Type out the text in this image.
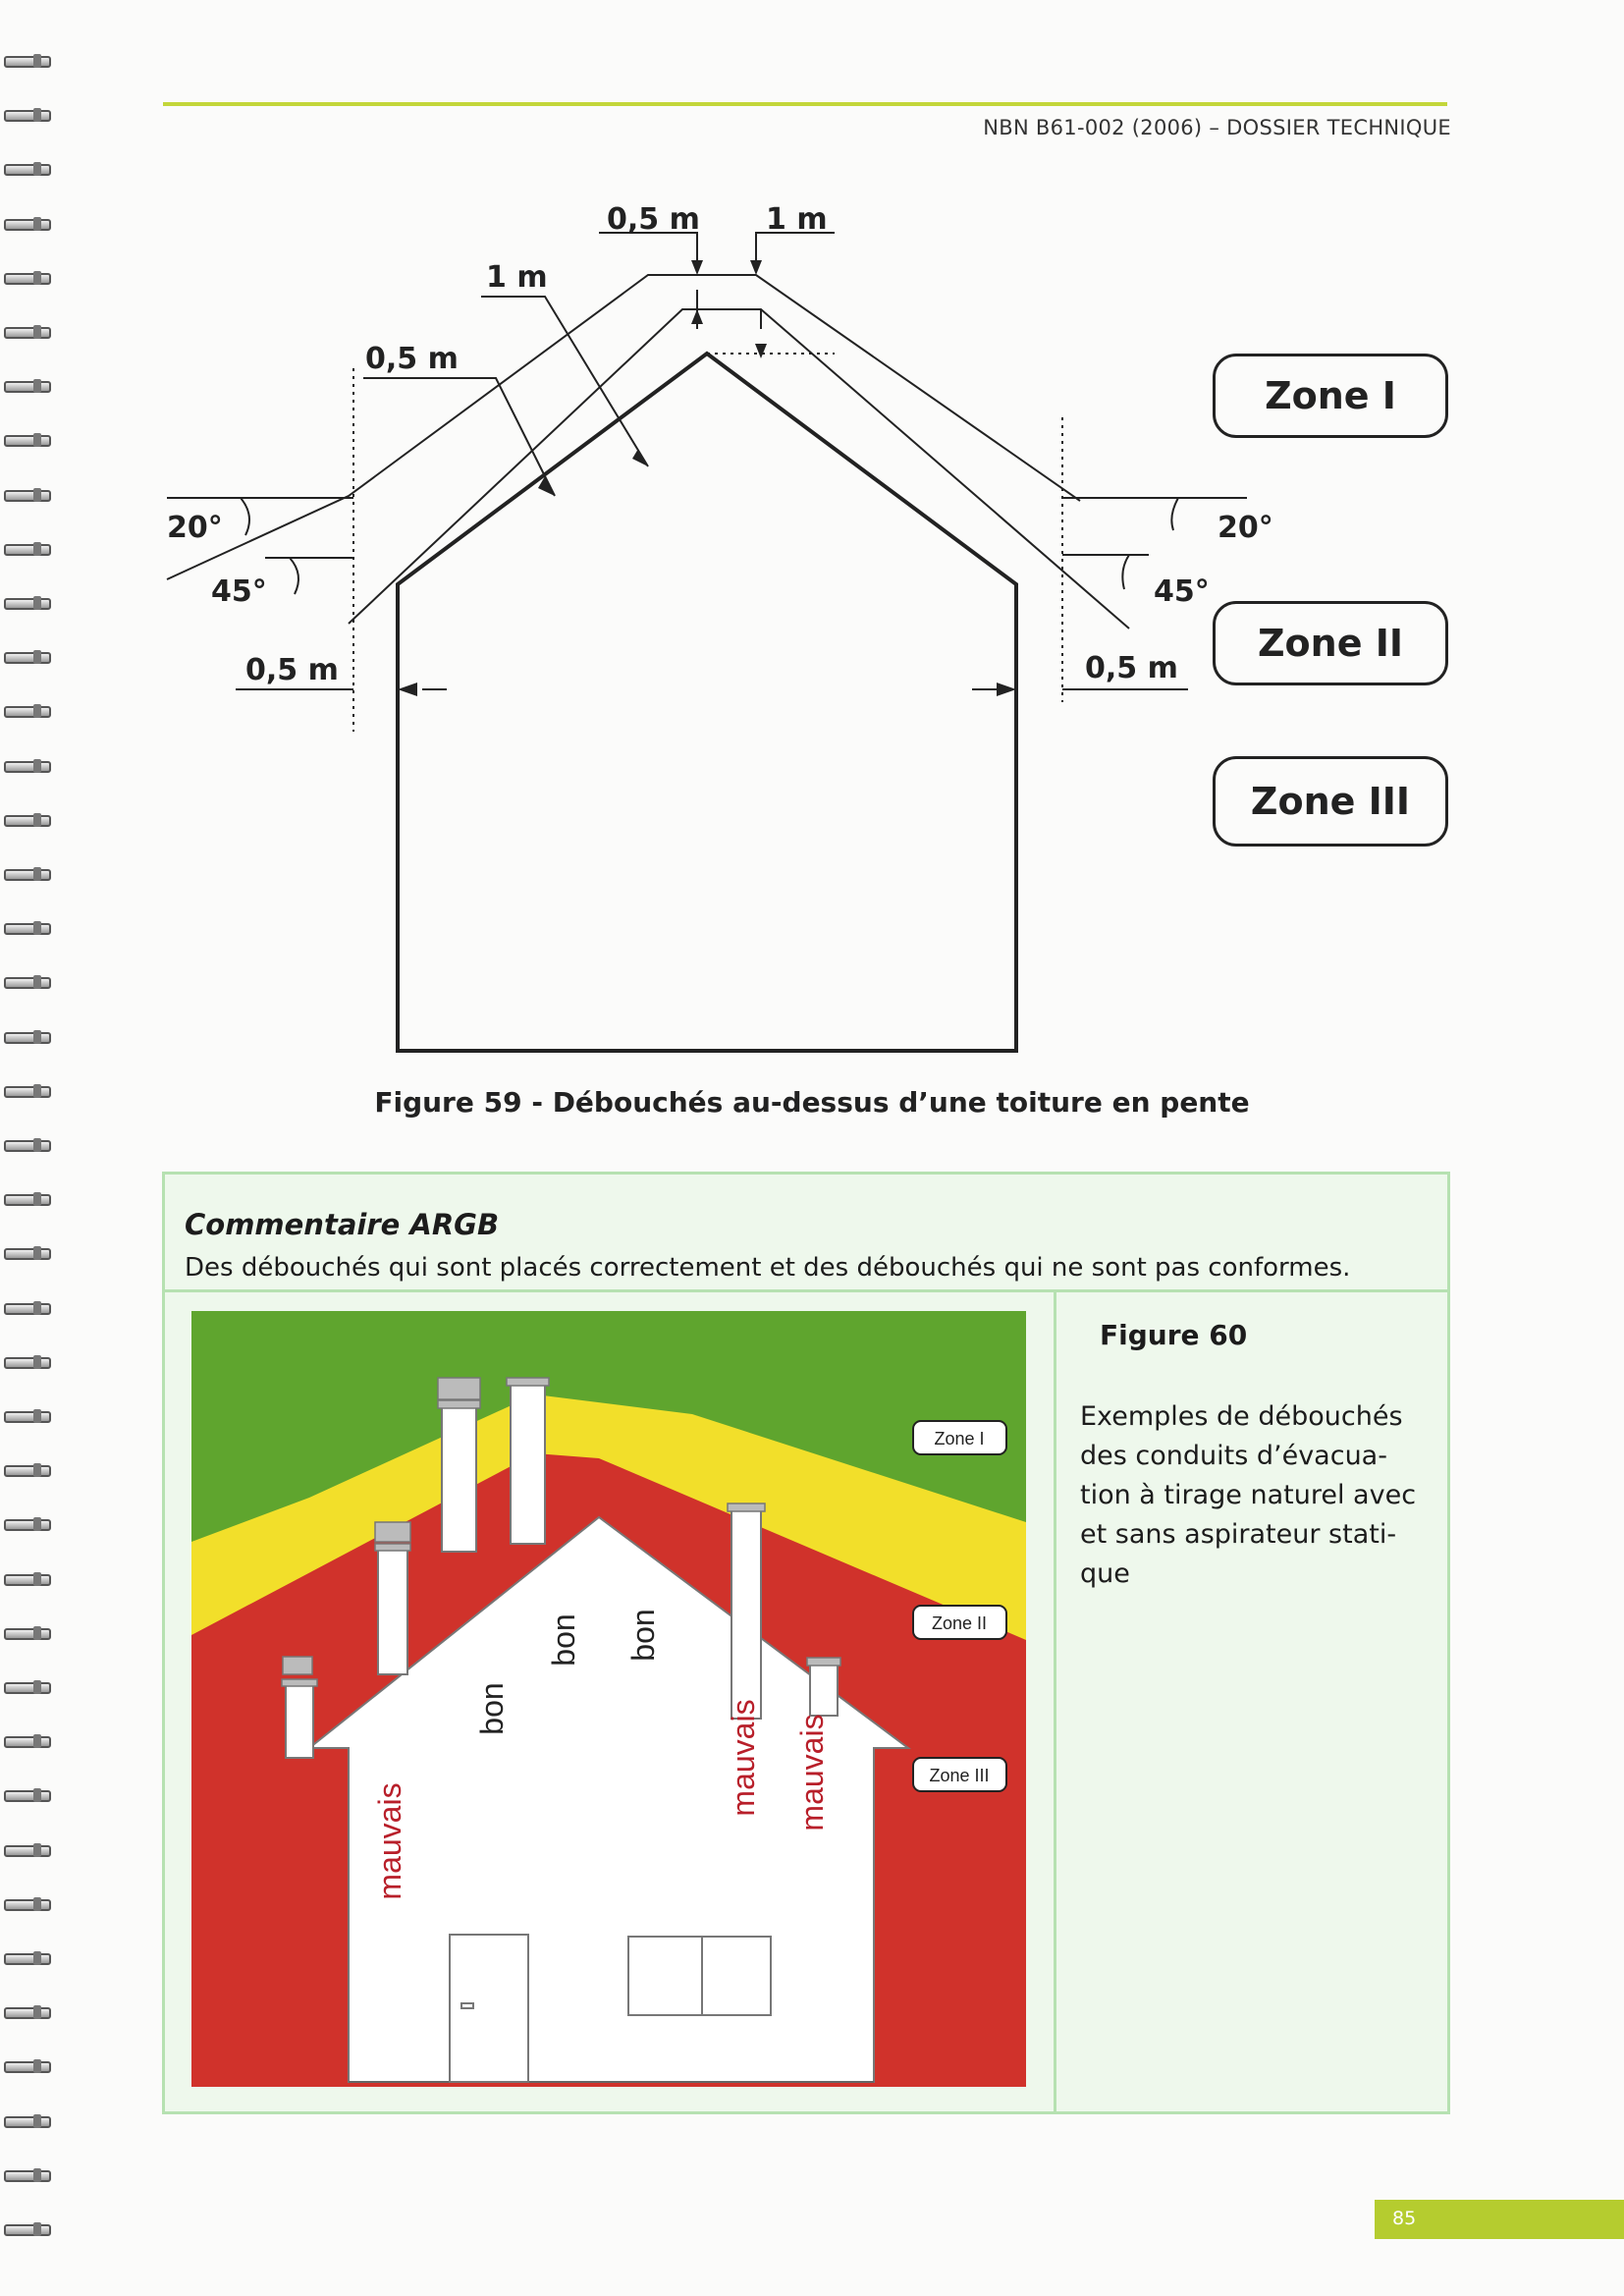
NBN B61-002 (2006) – DOSSIER TECHNIQUE
0,5 m 1 m
1 m
0,5 m
20°
45°
0,5 m
20°
45°
0,5 m
Zone I
Zone II
Zone III
Figure 59 - Débouchés au-dessus d’une toiture en pente
Commentaire ARGB
Des débouchés qui sont placés correctement et des débouchés qui ne sont pas conformes.
Figure 60
Exemples de débouchés des conduits d’évacuation à tirage naturel avec et sans aspirateur statique
Zone I
Zone II
Zone III
mauvais
bon
bon bon
mauvais mauvais
85
